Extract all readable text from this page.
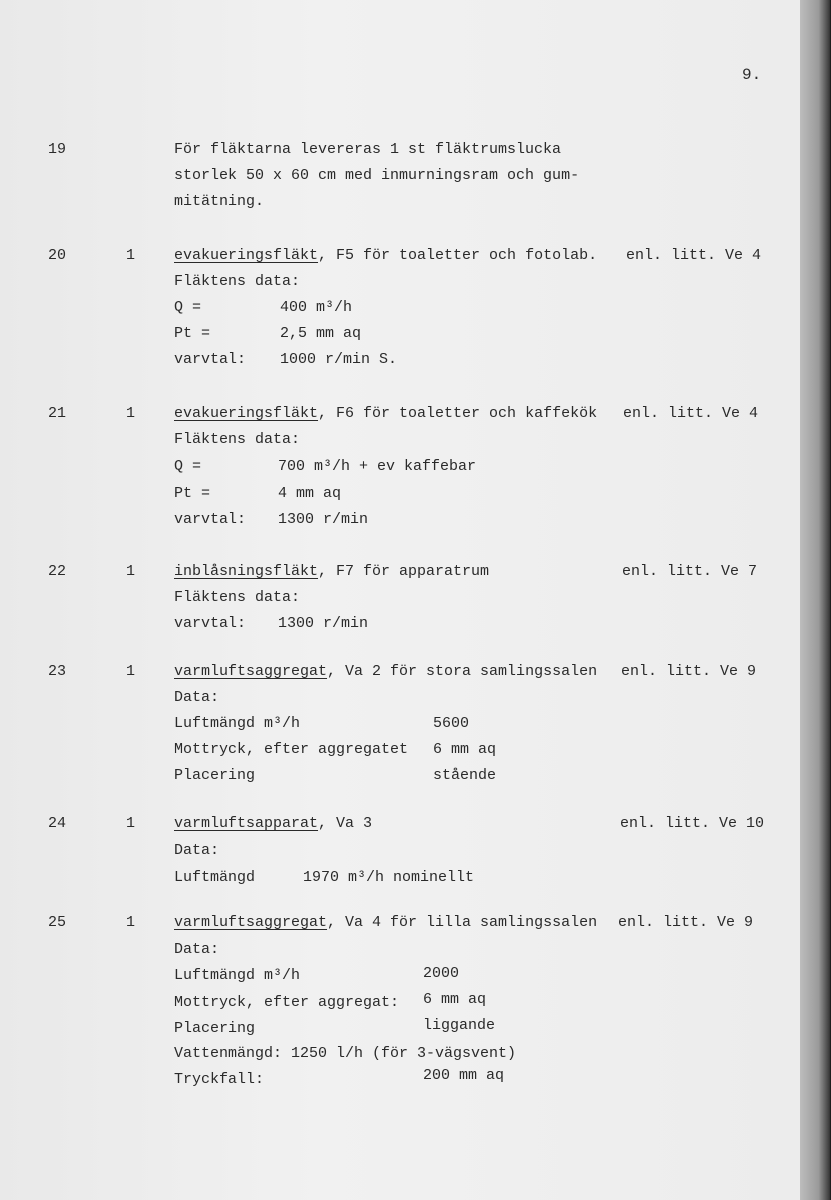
9.
19	För fläktarna levereras 1 st fläktrumslucka
storlek 50 x 60 cm med inmurningsram och gum-
mitätning.
20	1	evakueringsfläkt, F5 för toaletter och fotolab. enl. litt. Ve 4
Fläktens data:
Q =	400 m³/h
Pt =	2,5 mm aq
varvtal: 1000 r/min S.
21	1	evakueringsfläkt, F6 för toaletter och kaffekök enl. litt. Ve 4
Fläktens data:
Q =	700 m³/h + ev kaffebar
Pt =	4 mm aq
varvtal: 1300 r/min
22	1	inblåsningsfläkt, F7 för apparatrum	enl. litt. Ve 7
Fläktens data:
varvtal: 1300 r/min
23	1	varmluftsaggregat, Va 2 för stora samlingssalen enl. litt. Ve 9
Data:
Luftmängd m³/h	5600
Mottryck, efter aggregatet 6 mm aq
Placering	stående
24	1	varmluftsapparat, Va 3	enl. litt. Ve 10
Data:
Luftmängd	1970 m³/h nominellt
25	1	varmluftsaggregat, Va 4 för lilla samlingssalen enl. litt. Ve 9
Data:
Luftmängd m³/h	2000
Mottryck, efter aggregat: 6 mm aq
Placering	liggande
Vattenmängd: 1250 l/h (för 3-vägsvent)
Tryckfall:	200 mm aq
